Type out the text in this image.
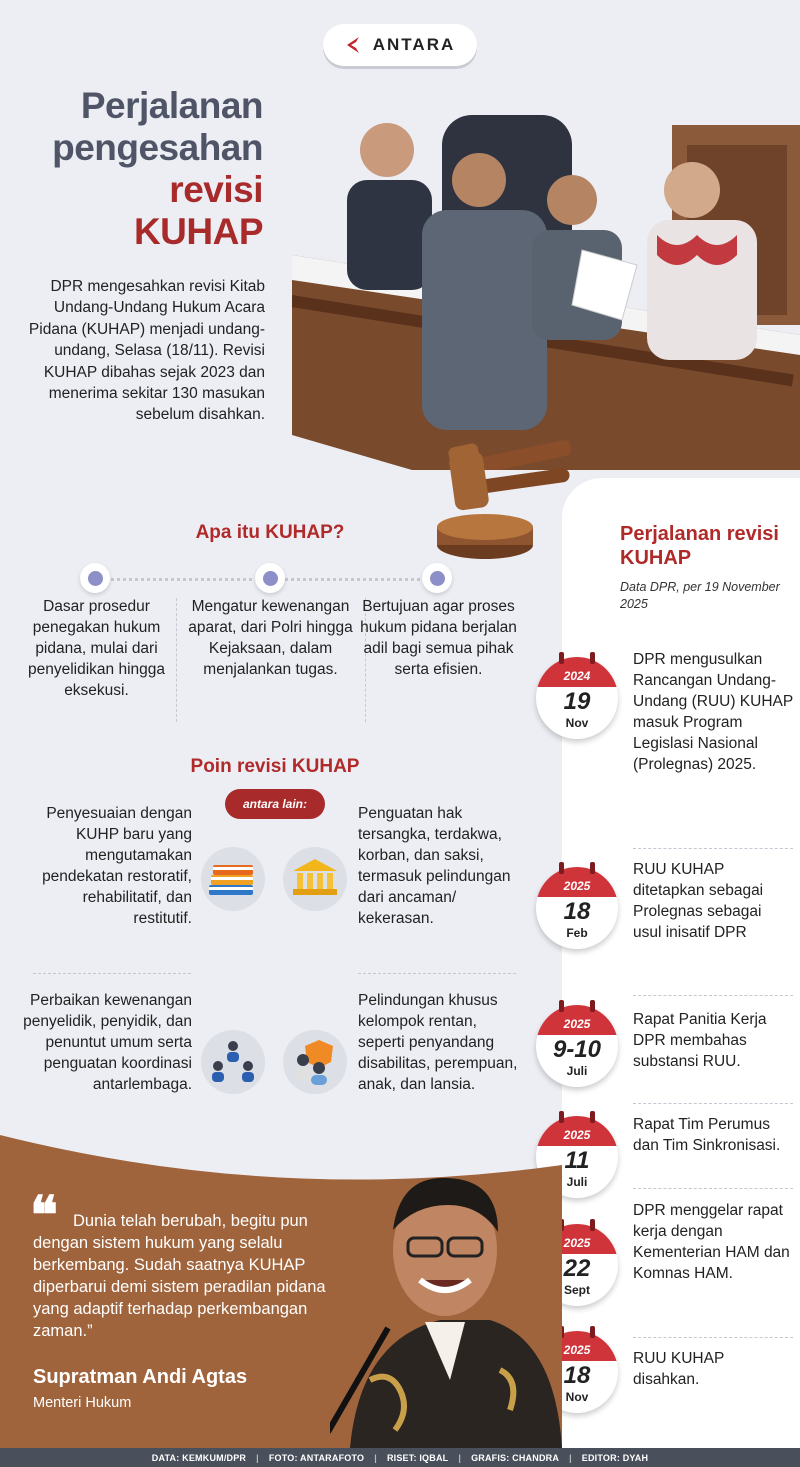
ANTARA
Perjalanan
pengesahan
revisi
KUHAP
DPR mengesahkan revisi Kitab Undang-Undang Hukum Acara Pidana (KUHAP) menjadi undang-undang, Selasa (18/11). Revisi KUHAP dibahas sejak 2023 dan menerima sekitar 130 masukan sebelum disahkan.
Apa itu KUHAP?
Dasar prosedur penegakan hukum pidana, mulai dari penyelidikan hingga eksekusi.
Mengatur kewenangan aparat, dari Polri hingga Kejaksaan, dalam menjalankan tugas.
Bertujuan agar proses hukum pidana berjalan adil bagi semua pihak serta efisien.
Poin revisi KUHAP
antara lain:
Penyesuaian dengan KUHP baru yang mengutamakan pendekatan restoratif, rehabilitatif, dan restitutif.
Penguatan hak tersangka, terdakwa, korban, dan saksi, termasuk pelindungan dari ancaman/ kekerasan.
Perbaikan kewenangan penyelidik, penyidik, dan penuntut umum serta penguatan koordinasi antarlembaga.
Pelindungan khusus kelompok rentan, seperti penyandang disabilitas, perempuan, anak, dan lansia.
Perjalanan revisi KUHAP
Data DPR, per 19 November 2025
2024
19
Nov
DPR mengusulkan Rancangan Undang-Undang (RUU) KUHAP masuk Program Legislasi Nasional (Prolegnas) 2025.
2025
18
Feb
RUU KUHAP ditetapkan sebagai Prolegnas sebagai usul inisatif DPR
2025
9-10
Juli
Rapat Panitia Kerja DPR membahas substansi RUU.
2025
11
Juli
Rapat Tim Perumus dan Tim Sinkronisasi.
2025
22
Sept
DPR menggelar rapat kerja dengan Kementerian HAM dan Komnas HAM.
2025
18
Nov
RUU KUHAP disahkan.
❝ Dunia telah berubah, begitu pun dengan sistem hukum yang selalu berkembang. Sudah saatnya KUHAP diperbarui demi sistem peradilan pidana yang adaptif terhadap perkembangan zaman.”
Supratman Andi Agtas
Menteri Hukum
DATA: KEMKUM/DPR | FOTO: ANTARAFOTO | RISET: IQBAL | GRAFIS: CHANDRA | EDITOR: DYAH
